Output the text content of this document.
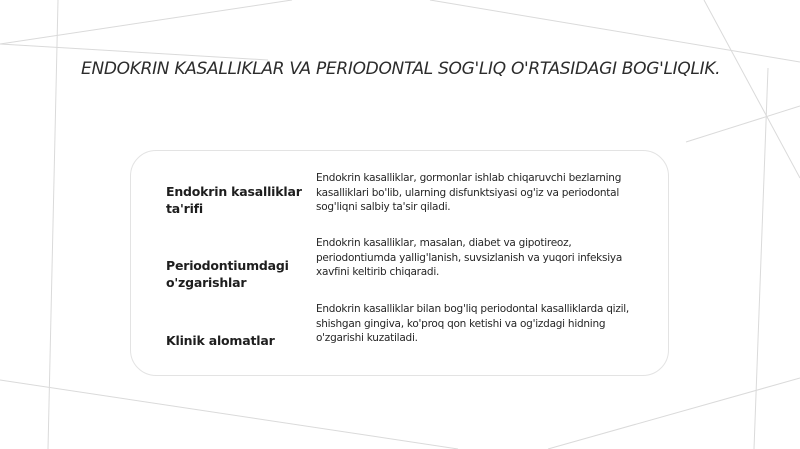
ENDOKRIN KASALLIKLAR VA PERIODONTAL SOG'LIQ O'RTASIDAGI BOG'LIQLIK.

Endokrin kasalliklar ta'rifi

Endokrin kasalliklar, gormonlar ishlab chiqaruvchi bezlarning kasalliklari bo'lib, ularning disfunktsiyasi og'iz va periodontal sog'liqni salbiy ta'sir qiladi.

Periodontiumdagi o'zgarishlar

Endokrin kasalliklar, masalan, diabet va gipotireoz, periodontiumda yallig'lanish, suvsizlanish va yuqori infeksiya xavfini keltirib chiqaradi.

Klinik alomatlar

Endokrin kasalliklar bilan bog'liq periodontal kasalliklarda qizil, shishgan gingiva, ko'proq qon ketishi va og'izdagi hidning o'zgarishi kuzatiladi.
